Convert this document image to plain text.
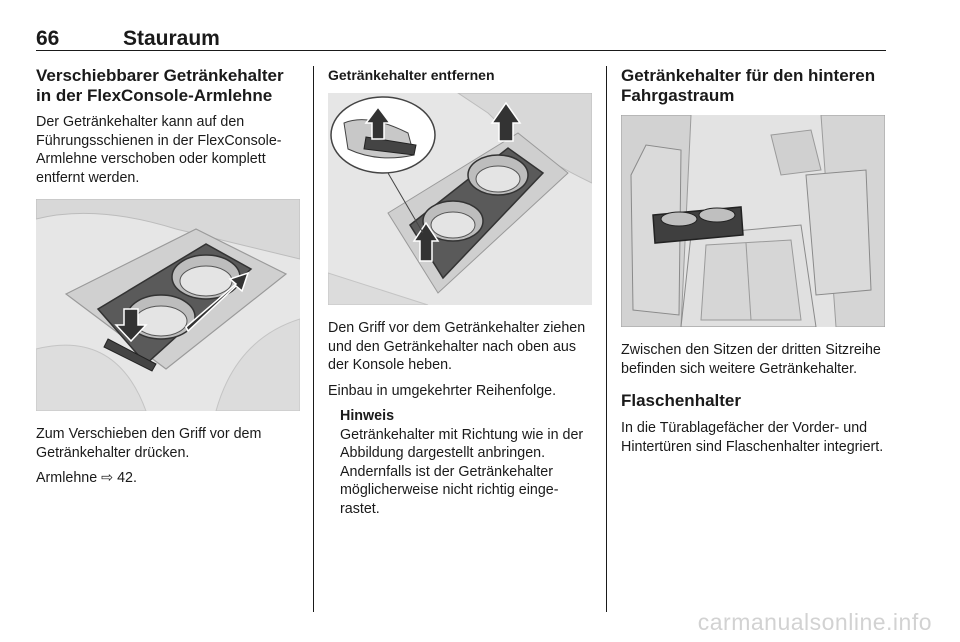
66	Stauraum
Verschiebbarer Getränkehalter in der FlexConsole-Armlehne

Der Getränkehalter kann auf den Führungsschienen in der FlexConsole-Armlehne verschoben oder komplett entfernt werden.

Zum Verschieben den Griff vor dem Getränkehalter drücken.

Armlehne ⇨ 42.

Getränkehalter entfernen

Den Griff vor dem Getränkehalter ziehen und den Getränkehalter nach oben aus der Konsole heben.

Einbau in umgekehrter Reihenfolge.

Hinweis

Getränkehalter mit Richtung wie in der Abbildung dargestellt anbringen. Andernfalls ist der Getränkehalter möglicherweise nicht richtig eingerastet.

Getränkehalter für den hinteren Fahrgastraum

Zwischen den Sitzen der dritten Sitzreihe befinden sich weitere Getränkehalter.

Flaschenhalter

In die Türablagefächer der Vorder- und Hintertüren sind Flaschenhalter integriert.

carmanualsonline.info
